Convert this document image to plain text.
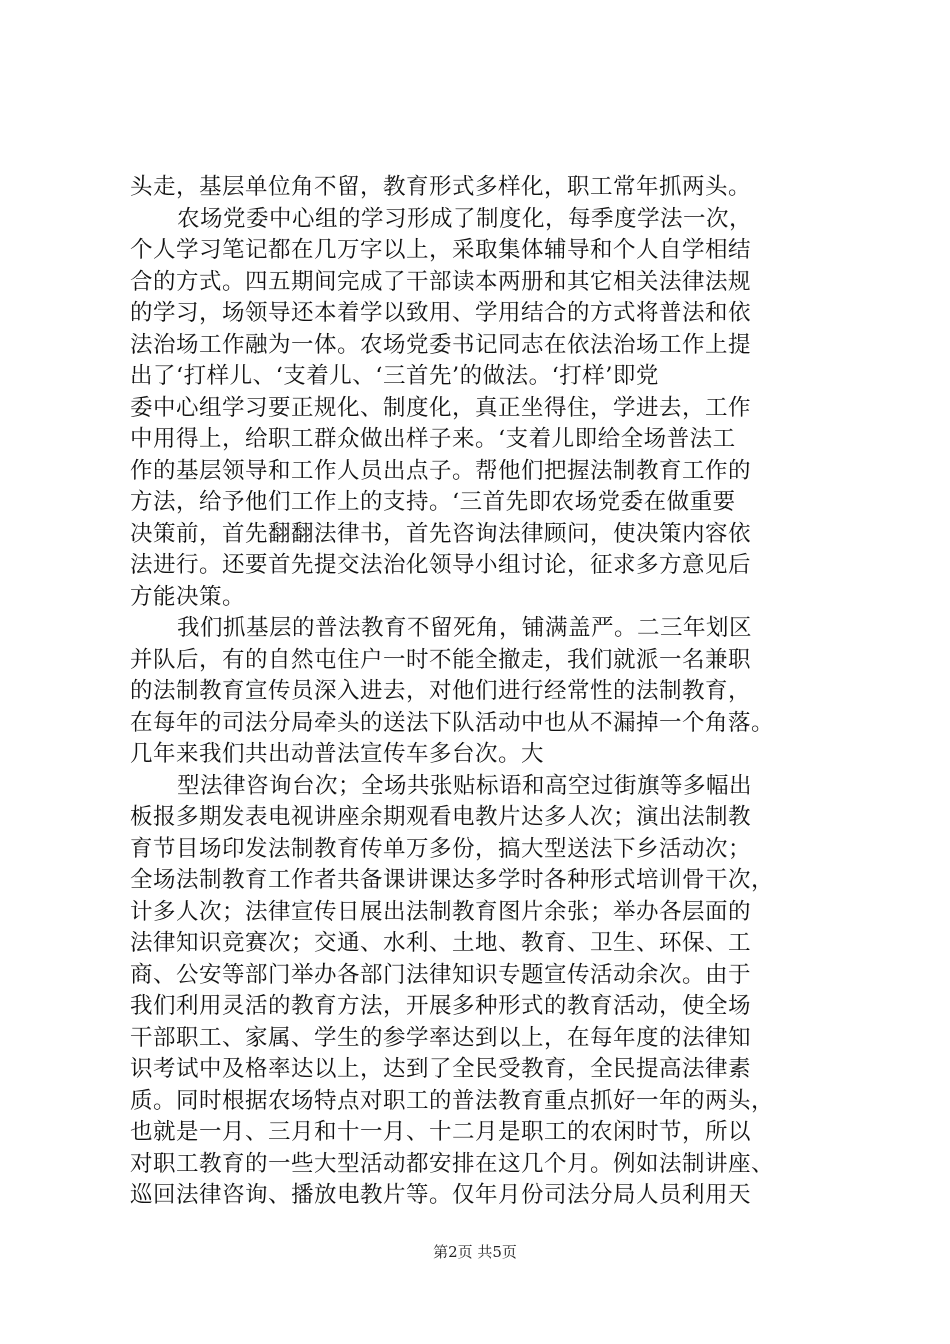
头走，基层单位角不留，教育形式多样化，职工常年抓两头。
农场党委中心组的学习形成了制度化，每季度学法一次，
个人学习笔记都在几万字以上，采取集体辅导和个人自学相结
合的方式。四五期间完成了干部读本两册和其它相关法律法规
的学习，场领导还本着学以致用、学用结合的方式将普法和依
法治场工作融为一体。农场党委书记同志在依法治场工作上提
出了‘打样儿、‘支着儿、‘三首先’的做法。‘打样’即党
委中心组学习要正规化、制度化，真正坐得住，学进去，工作
中用得上，给职工群众做出样子来。‘支着儿即给全场普法工
作的基层领导和工作人员出点子。帮他们把握法制教育工作的
方法，给予他们工作上的支持。‘三首先即农场党委在做重要
决策前，首先翻翻法律书，首先咨询法律顾问，使决策内容依
法进行。还要首先提交法治化领导小组讨论，征求多方意见后
方能决策。
我们抓基层的普法教育不留死角，铺满盖严。二三年划区
并队后，有的自然屯住户一时不能全撤走，我们就派一名兼职
的法制教育宣传员深入进去，对他们进行经常性的法制教育，
在每年的司法分局牵头的送法下队活动中也从不漏掉一个角落。
几年来我们共出动普法宣传车多台次。大
型法律咨询台次；全场共张贴标语和高空过街旗等多幅出
板报多期发表电视讲座余期观看电教片达多人次；演出法制教
育节目场印发法制教育传单万多份，搞大型送法下乡活动次；
全场法制教育工作者共备课讲课达多学时各种形式培训骨干次，
计多人次；法律宣传日展出法制教育图片余张；举办各层面的
法律知识竞赛次；交通、水利、土地、教育、卫生、环保、工
商、公安等部门举办各部门法律知识专题宣传活动余次。由于
我们利用灵活的教育方法，开展多种形式的教育活动，使全场
干部职工、家属、学生的参学率达到以上，在每年度的法律知
识考试中及格率达以上，达到了全民受教育，全民提高法律素
质。同时根据农场特点对职工的普法教育重点抓好一年的两头，
也就是一月、三月和十一月、十二月是职工的农闲时节，所以
对职工教育的一些大型活动都安排在这几个月。例如法制讲座、
巡回法律咨询、播放电教片等。仅年月份司法分局人员利用天
第2页 共5页
